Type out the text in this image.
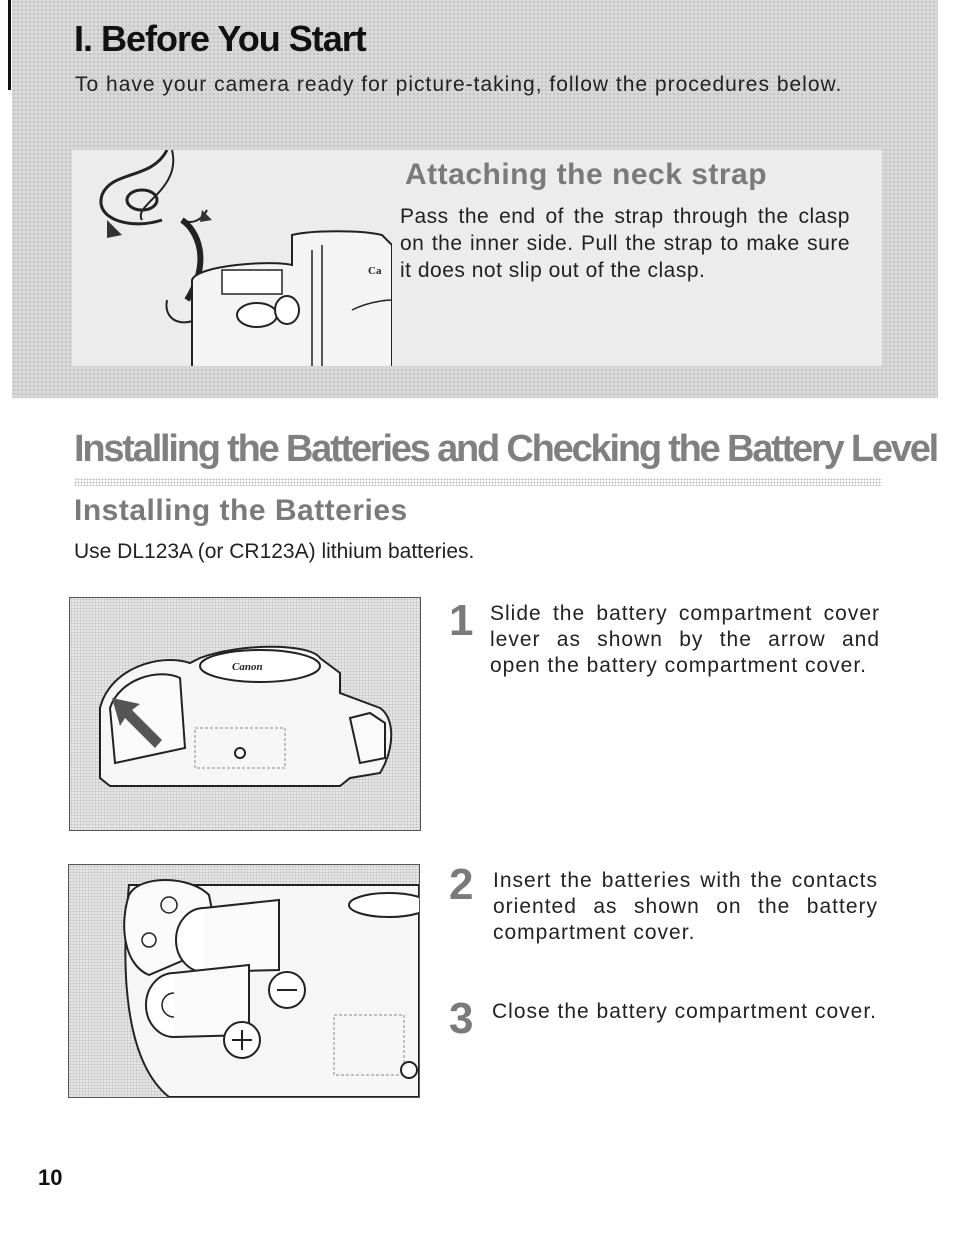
I. Before You Start

To have your camera ready for picture-taking, follow the procedures below.

Ca
Attaching the neck strap

Pass the end of the strap through the clasp on the inner side. Pull the strap to make sure it does not slip out of the clasp.

Installing the Batteries and Checking the Battery Level
Installing the Batteries

Use DL123A (or CR123A) lithium batteries.

Canon
1 Slide the battery compartment cover lever as shown by the arrow and open the battery compartment cover.

2 Insert the batteries with the contacts oriented as shown on the battery compartment cover.

3 Close the battery compartment cover.

10
